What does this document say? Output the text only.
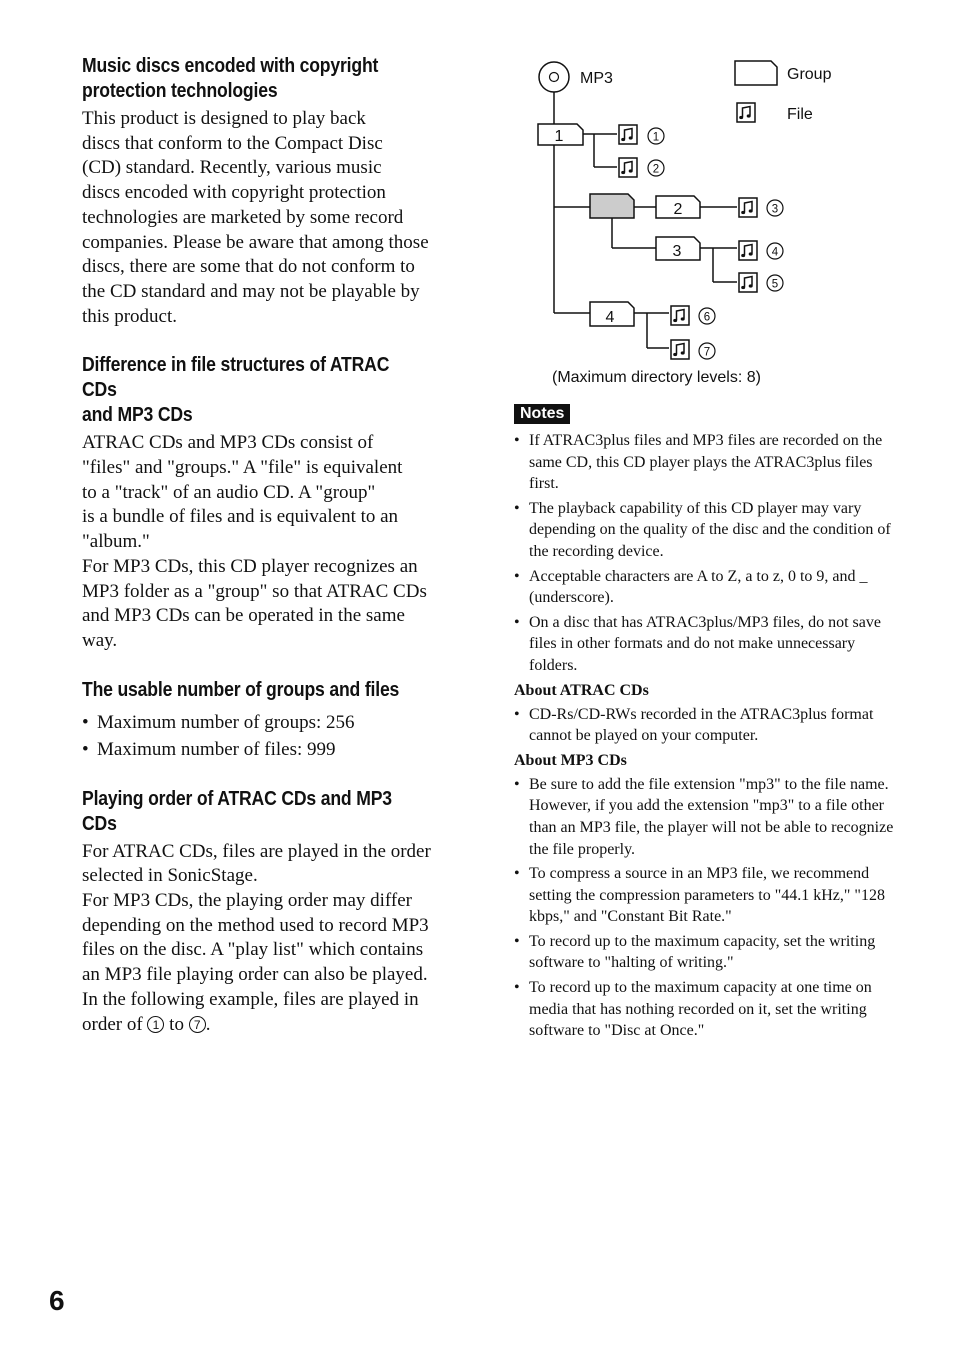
Music discs encoded with copyright
protection technologies

This product is designed to play back
discs that conform to the Compact Disc
(CD) standard. Recently, various music
discs encoded with copyright protection
technologies are marketed by some record
companies. Please be aware that among those
discs, there are some that do not conform to
the CD standard and may not be playable by
this product.

Difference in file structures of ATRAC CDs
and MP3 CDs

ATRAC CDs and MP3 CDs consist of
"files" and "groups." A "file" is equivalent
to a "track" of an audio CD. A "group"
is a bundle of files and is equivalent to an
"album."
For MP3 CDs, this CD player recognizes an
MP3 folder as a "group" so that ATRAC CDs
and MP3 CDs can be operated in the same
way.

The usable number of groups and files
• Maximum number of groups: 256
• Maximum number of files: 999
Playing order of ATRAC CDs and MP3 CDs

For ATRAC CDs, files are played in the order
selected in SonicStage.
For MP3 CDs, the playing order may differ
depending on the method used to record MP3
files on the disc. A "play list" which contains
an MP3 file playing order can also be played.
In the following example, files are played in
order of 1 to 7 .

MP3	Group
File
1
2
3
4
1
2
3
4
5
6
7
(Maximum directory levels: 8)
Notes
• If ATRAC3plus files and MP3 files are recorded on the same CD, this CD player plays the ATRAC3plus files first.
• The playback capability of this CD player may vary depending on the quality of the disc and the condition of the recording device.
• Acceptable characters are A to Z, a to z, 0 to 9, and _ (underscore).
• On a disc that has ATRAC3plus/MP3 files, do not save files in other formats and do not make unnecessary folders.

About ATRAC CDs

• CD-Rs/CD-RWs recorded in the ATRAC3plus format cannot be played on your computer.

About MP3 CDs

• Be sure to add the file extension "mp3" to the file name. However, if you add the extension "mp3" to a file other than an MP3 file, the player will not be able to recognize the file properly.
• To compress a source in an MP3 file, we recommend setting the compression parameters to "44.1 kHz," "128 kbps," and "Constant Bit Rate."
• To record up to the maximum capacity, set the writing software to "halting of writing."
• To record up to the maximum capacity at one time on media that has nothing recorded on it, set the writing software to "Disc at Once."
6
